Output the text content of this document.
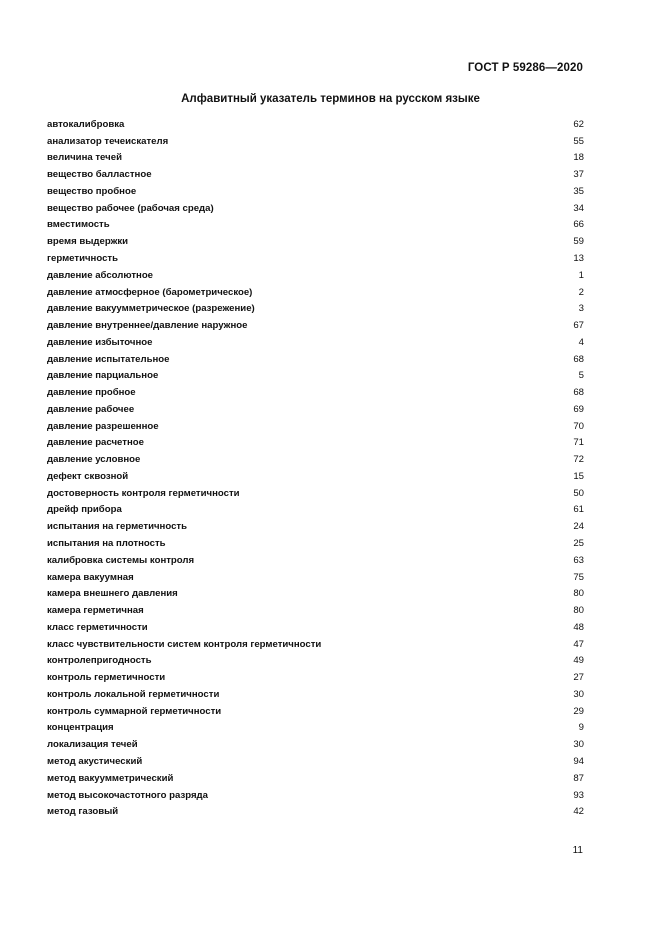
ГОСТ Р 59286—2020
Алфавитный указатель терминов на русском языке
автокалибровка	62
анализатор течеискателя	55
величина течей	18
вещество балластное	37
вещество пробное	35
вещество рабочее (рабочая среда)	34
вместимость	66
время выдержки	59
герметичность	13
давление абсолютное	1
давление атмосферное (барометрическое)	2
давление вакуумметрическое (разрежение)	3
давление внутреннее/давление наружное	67
давление избыточное	4
давление испытательное	68
давление парциальное	5
давление пробное	68
давление рабочее	69
давление разрешенное	70
давление расчетное	71
давление условное	72
дефект сквозной	15
достоверность контроля герметичности	50
дрейф прибора	61
испытания на герметичность	24
испытания на плотность	25
калибровка системы контроля	63
камера вакуумная	75
камера внешнего давления	80
камера герметичная	80
класс герметичности	48
класс чувствительности систем контроля герметичности	47
контролепригодность	49
контроль герметичности	27
контроль локальной герметичности	30
контроль суммарной герметичности	29
концентрация	9
локализация течей	30
метод акустический	94
метод вакуумметрический	87
метод высокочастотного разряда	93
метод газовый	42
11
